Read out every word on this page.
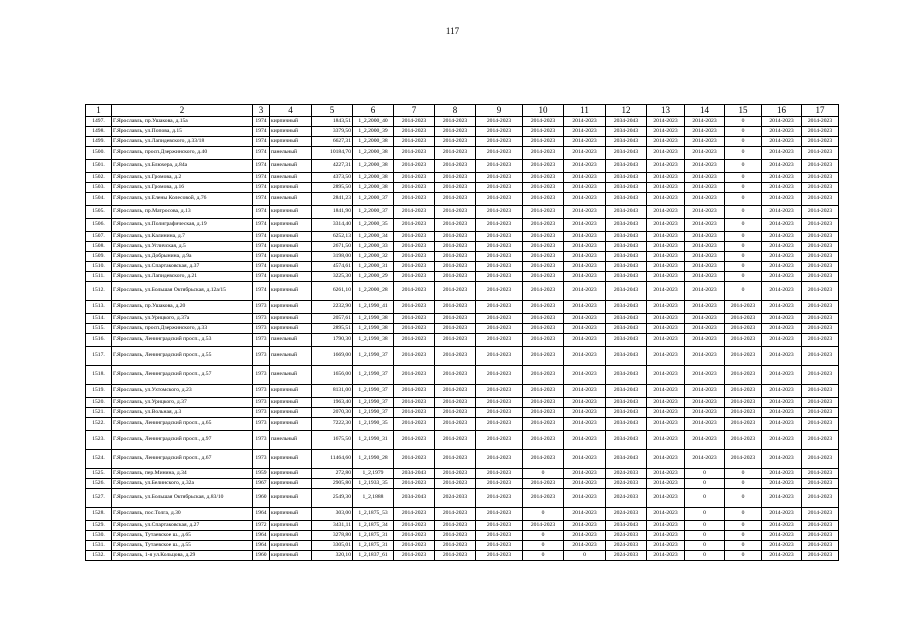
117
1	2	3	4	5	6	7	8	9	10	11	12	13	14	15	16	17
1497.	Г.Ярославль, пр.Ушакова, д.15а	1974	кирпичный	1843,51	1_2,2000_40	2014-2023	2014-2023	2014-2023	2014-2023	2014-2023	2034-2043	2014-2023	2014-2023	0	2014-2023	2014-2023
1498.	Г.Ярославль, ул.Попова, д.15	1974	кирпичный	3379,50	1_2,2000_39	2014-2023	2014-2023	2014-2023	2014-2023	2014-2023	2034-2043	2014-2023	2014-2023	0	2014-2023	2014-2023
1499.	Г.Ярославль, ул.Лапидевского, д.33/18	1974	кирпичный	6627,31	1_2,2000_38	2014-2023	2014-2023	2014-2023	2014-2023	2014-2023	2034-2043	2014-2023	2014-2023	0	2014-2023	2014-2023
1500.	Г.Ярославль, просп.Дзержинского, д.40	1974	панельный	10184,70	1_2,2000_38	2014-2023	2014-2023	2014-2023	2014-2023	2014-2023	2034-2043	2014-2023	2014-2023	0	2014-2023	2014-2023
1501.	Г.Ярославль, ул.Блюхера, д.84а	1974	панельный	4227,31	1_2,2000_38	2014-2023	2014-2023	2014-2023	2014-2023	2014-2023	2034-2043	2014-2023	2014-2023	0	2014-2023	2014-2023
1502.	Г.Ярославль, ул.Громова, д.2	1974	панельный	4373,50	1_2,2000_38	2014-2023	2014-2023	2014-2023	2014-2023	2014-2023	2034-2043	2014-2023	2014-2023	0	2014-2023	2014-2023
1503.	Г.Ярославль, ул.Громова, д.16	1974	кирпичный	2895,50	1_2,2000_38	2014-2023	2014-2023	2014-2023	2014-2023	2014-2023	2034-2043	2014-2023	2014-2023	0	2014-2023	2014-2023
1504.	Г.Ярославль, ул.Елены Колесовой, д.76	1974	панельный	2841,23	1_2,2000_37	2014-2023	2014-2023	2014-2023	2014-2023	2014-2023	2034-2043	2014-2023	2014-2023	0	2014-2023	2014-2023
1505.	Г.Ярославль, пр.Матросова, д.13	1974	кирпичный	1841,90	1_2,2000_37	2014-2023	2014-2023	2014-2023	2014-2023	2014-2023	2034-2043	2014-2023	2014-2023	0	2014-2023	2014-2023
1506.	Г.Ярославль, ул.Полиграфическая, д.19	1974	кирпичный	3314,40	1_2,2000_35	2014-2023	2014-2023	2014-2023	2014-2023	2014-2023	2034-2043	2014-2023	2014-2023	0	2014-2023	2014-2023
1507.	Г.Ярославль, ул.Калинина, д.7	1974	кирпичный	6252,13	1_2,2000_34	2014-2023	2014-2023	2014-2023	2014-2023	2014-2023	2034-2043	2014-2023	2014-2023	0	2014-2023	2014-2023
1508.	Г.Ярославль, ул.Угличская, д.5	1974	кирпичный	2671,50	1_2,2000_33	2014-2023	2014-2023	2014-2023	2014-2023	2014-2023	2034-2043	2014-2023	2014-2023	0	2014-2023	2014-2023
1509.	Г.Ярославль, ул.Добрынина, д.9а	1974	кирпичный	3198,00	1_2,2000_32	2014-2023	2014-2023	2014-2023	2014-2023	2014-2023	2034-2043	2014-2023	2014-2023	0	2014-2023	2014-2023
1510.	Г.Ярославль, ул.Спартаковская, д.37	1974	кирпичный	4574,61	1_2,2000_31	2014-2023	2014-2023	2014-2023	2014-2023	2014-2023	2034-2043	2014-2023	2014-2023	0	2014-2023	2014-2023
1511.	Г.Ярославль, ул.Лапидевского, д.21	1974	кирпичный	3225,30	1_2,2000_29	2014-2023	2014-2023	2014-2023	2014-2023	2014-2023	2034-2043	2014-2023	2014-2023	0	2014-2023	2014-2023
1512.	Г.Ярославль, ул.Большая Октябрьская, д.12а/15	1974	кирпичный	6261,10	1_2,2000_28	2014-2023	2014-2023	2014-2023	2014-2023	2014-2023	2034-2043	2014-2023	2014-2023	0	2014-2023	2014-2023
1513.	Г.Ярославль, пр.Ушакова, д.20	1973	кирпичный	2232,90	1_2,1990_41	2014-2023	2014-2023	2014-2023	2014-2023	2014-2023	2034-2043	2014-2023	2014-2023	2014-2023	2014-2023	2014-2023
1514.	Г.Ярославль, ул.Урицкого, д.37а	1973	кирпичный	2057,61	1_2,1990_38	2014-2023	2014-2023	2014-2023	2014-2023	2014-2023	2034-2043	2014-2023	2014-2023	2014-2023	2014-2023	2014-2023
1515.	Г.Ярославль, просп.Дзержинского, д.33	1973	кирпичный	2895,51	1_2,1990_38	2014-2023	2014-2023	2014-2023	2014-2023	2014-2023	2034-2043	2014-2023	2014-2023	2014-2023	2014-2023	2014-2023
1516.	Г.Ярославль, Ленинградский просп., д.53	1973	панельный	1790,30	1_2,1990_38	2014-2023	2014-2023	2014-2023	2014-2023	2014-2023	2034-2043	2014-2023	2014-2023	2014-2023	2014-2023	2014-2023
1517.	Г.Ярославль, Ленинградский просп., д.55	1973	панельный	1669,00	1_2,1990_37	2014-2023	2014-2023	2014-2023	2014-2023	2014-2023	2034-2043	2014-2023	2014-2023	2014-2023	2014-2023	2014-2023
1518.	Г.Ярославль, Ленинградский просп., д.57	1973	панельный	1656,00	1_2,1990_37	2014-2023	2014-2023	2014-2023	2014-2023	2014-2023	2034-2043	2014-2023	2014-2023	2014-2023	2014-2023	2014-2023
1519.	Г.Ярославль, ул.Ухтомского, д.23	1973	кирпичный	8131,00	1_2,1990_37	2014-2023	2014-2023	2014-2023	2014-2023	2014-2023	2034-2043	2014-2023	2014-2023	2014-2023	2014-2023	2014-2023
1520.	Г.Ярославль, ул.Урицкого, д.37	1973	кирпичный	1963,40	1_2,1990_37	2014-2023	2014-2023	2014-2023	2014-2023	2014-2023	2034-2043	2014-2023	2014-2023	2014-2023	2014-2023	2014-2023
1521.	Г.Ярославль, ул.Вольная, д.3	1973	кирпичный	2070,30	1_2,1990_37	2014-2023	2014-2023	2014-2023	2014-2023	2014-2023	2034-2043	2014-2023	2014-2023	2014-2023	2014-2023	2014-2023
1522.	Г.Ярославль, Ленинградский просп., д.65	1973	кирпичный	7222,30	1_2,1990_35	2014-2023	2014-2023	2014-2023	2014-2023	2014-2023	2034-2043	2014-2023	2014-2023	2014-2023	2014-2023	2014-2023
1523.	Г.Ярославль, Ленинградский просп., д.97	1973	панельный	1675,50	1_2,1990_31	2014-2023	2014-2023	2014-2023	2014-2023	2014-2023	2034-2043	2014-2023	2014-2023	2014-2023	2014-2023	2014-2023
1524.	Г.Ярославль, Ленинградский просп., д.67	1973	кирпичный	11464,60	1_2,1990_28	2014-2023	2014-2023	2014-2023	2014-2023	2014-2023	2034-2043	2014-2023	2014-2023	2014-2023	2014-2023	2014-2023
1525.	Г.Ярославль, пер.Минина, д.34	1959	кирпичный	272,80	1_2,1979	2034-2043	2014-2023	2014-2023	0	2014-2023	2024-2033	2014-2023	0	0	2014-2023	2014-2023
1526.	Г.Ярославль, ул.Белинского, д.32а	1967	кирпичный	2905,80	1_2,1933_35	2014-2023	2014-2023	2014-2023	2014-2023	2014-2023	2024-2033	2014-2023	0	0	2014-2023	2014-2023
1527.	Г.Ярославль, ул.Большая Октябрьская, д.83/10	1960	кирпичный	2549,30	1_2,1888	2034-2043	2024-2033	2014-2023	2014-2023	2014-2023	2024-2033	2014-2023	0	0	2014-2023	2014-2023
1528.	Г.Ярославль, пос.Толга, д.30	1964	кирпичный	303,00	1_2,1875_53	2014-2023	2014-2023	2014-2023	0	2014-2023	2024-2033	2014-2023	0	0	2014-2023	2014-2023
1529.	Г.Ярославль, ул.Спартаковская, д.27	1972	кирпичный	3431,11	1_2,1875_34	2014-2023	2014-2023	2014-2023	2014-2023	2014-2023	2034-2043	2014-2023	0	0	2014-2023	2014-2023
1530.	Г.Ярославль, Тутаевское ш., д.65	1964	кирпичный	3278,80	1_2,1875_31	2014-2023	2014-2023	2014-2023	0	2014-2023	2024-2033	2014-2023	0	0	2014-2023	2014-2023
1531.	Г.Ярославль, Тутаевское ш., д.55	1964	кирпичный	3305,01	1_2,1875_31	2014-2023	2014-2023	2014-2023	0	2014-2023	2024-2033	2014-2023	0	0	2014-2023	2014-2023
1532.	Г.Ярославль, 1-я ул.Кольцова, д.29	1960	кирпичный	320,10	1_2,1837_61	2014-2023	2014-2023	2014-2023	0	0	2024-2033	2014-2023	0	0	2014-2023	2014-2023
